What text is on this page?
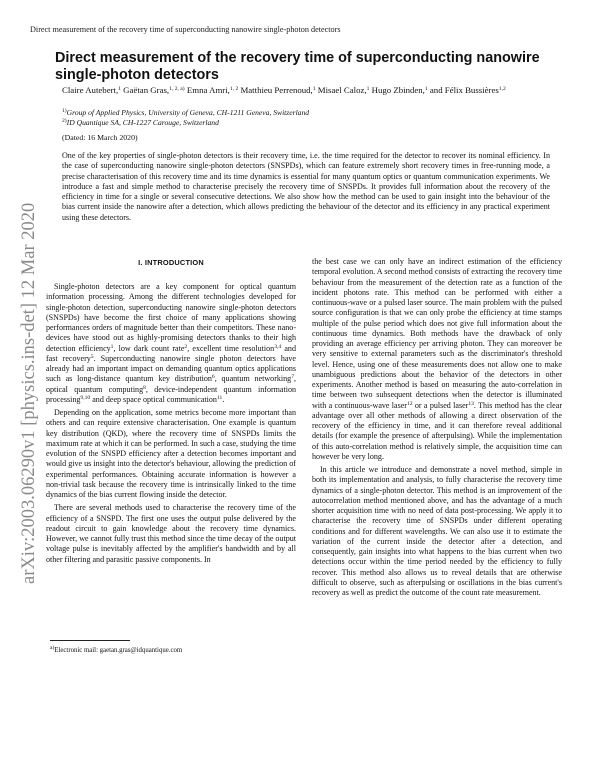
Direct measurement of the recovery time of superconducting nanowire single-photon detectors
arXiv:2003.06290v1 [physics.ins-det] 12 Mar 2020
Direct measurement of the recovery time of superconducting nanowire single-photon detectors
Claire Autebert,$^1$ Gaëtan Gras,$^{1, 2, a)}$ Emna Amri,$^{1, 2}$ Matthieu Perrenoud,$^1$ Misael Caloz,$^1$ Hugo Zbinden,$^1$ and Félix Bussières$^{1,2}$
$^{1)}$Group of Applied Physics, University of Geneva, CH-1211 Geneva, Switzerland
$^{2)}$ID Quantique SA, CH-1227 Carouge, Switzerland
(Dated: 16 March 2020)

One of the key properties of single-photon detectors is their recovery time, i.e. the time required for the detector to recover its nominal efficiency. In the case of superconducting nanowire single-photon detectors (SNSPDs), which can feature extremely short recovery times in free-running mode, a precise characterisation of this recovery time and its time dynamics is essential for many quantum optics or quantum communication experiments. We introduce a fast and simple method to characterise precisely the recovery time of SNSPDs. It provides full information about the recovery of the efficiency in time for a single or several consecutive detections. We also show how the method can be used to gain insight into the behaviour of the bias current inside the nanowire after a detection, which allows predicting the behaviour of the detector and its efficiency in any practical experiment using these detectors.

I. INTRODUCTION

Single-photon detectors are a key component for optical quantum information processing. Among the different technologies developed for single-photon detection, superconducting nanowire single-photon detectors (SNSPDs) have become the first choice of many applications showing performances orders of magnitude better than their competitors. These nano-devices have stood out as highly-promising detectors thanks to their high detection efficiency$^1$, low dark count rate$^2$, excellent time resolution$^{3,4}$ and fast recovery$^5$. Superconducting nanowire single photon detectors have already had an important impact on demanding quantum optics applications such as long-distance quantum key distribution$^6$, quantum networking$^7$, optical quantum computing$^8$, device-independent quantum information processing$^{9,10}$ and deep space optical communication$^{11}$.

Depending on the application, some metrics become more important than others and can require extensive characterisation. One example is quantum key distribution (QKD), where the recovery time of SNSPDs limits the maximum rate at which it can be performed. In such a case, studying the time evolution of the SNSPD efficiency after a detection becomes important and would give us insight into the detector's behaviour, allowing the prediction of experimental performances. Obtaining accurate information is however a non-trivial task because the recovery time is intrinsically linked to the time dynamics of the bias current flowing inside the detector.

There are several methods used to characterise the recovery time of the efficiency of a SNSPD. The first one uses the output pulse delivered by the readout circuit to gain knowledge about the recovery time dynamics. However, we cannot fully trust this method since the time decay of the output voltage pulse is inevitably affected by the amplifier's bandwidth and by all other filtering and parasitic passive components. In

the best case we can only have an indirect estimation of the efficiency temporal evolution. A second method consists of extracting the recovery time behaviour from the measurement of the detection rate as a function of the incident photons rate. This method can be performed with either a continuous-wave or a pulsed laser source. The main problem with the pulsed source configuration is that we can only probe the efficiency at time stamps multiple of the pulse period which does not give full information about the continuous time dynamics. Both methods have the drawback of only providing an average efficiency per arriving photon. They can moreover be very sensitive to external parameters such as the discriminator's threshold level. Hence, using one of these measurements does not allow one to make unambiguous predictions about the behavior of the detectors in other experiments. Another method is based on measuring the auto-correlation in time between two subsequent detections when the detector is illuminated with a continuous-wave laser$^{12}$ or a pulsed laser$^{13}$. This method has the clear advantage over all other methods of allowing a direct observation of the recovery of the efficiency in time, and it can therefore reveal additional details (for example the presence of afterpulsing). While the implementation of this auto-correlation method is relatively simple, the acquisition time can however be very long.

In this article we introduce and demonstrate a novel method, simple in both its implementation and analysis, to fully characterise the recovery time dynamics of a single-photon detector. This method is an improvement of the autocorrelation method mentioned above, and has the advantage of a much shorter acquisition time with no need of data post-processing. We apply it to characterise the recovery time of SNSPDs under different operating conditions and for different wavelengths. We can also use it to estimate the variation of the current inside the detector after a detection, and consequently, gain insights into what happens to the bias current when two detections occur within the time period needed by the efficiency to fully recover. This method also allows us to reveal details that are otherwise difficult to observe, such as afterpulsing or oscillations in the bias current's recovery as well as predict the outcome of the count rate measurement.

$^{a)}$Electronic mail: gaetan.gras@idquantique.com
